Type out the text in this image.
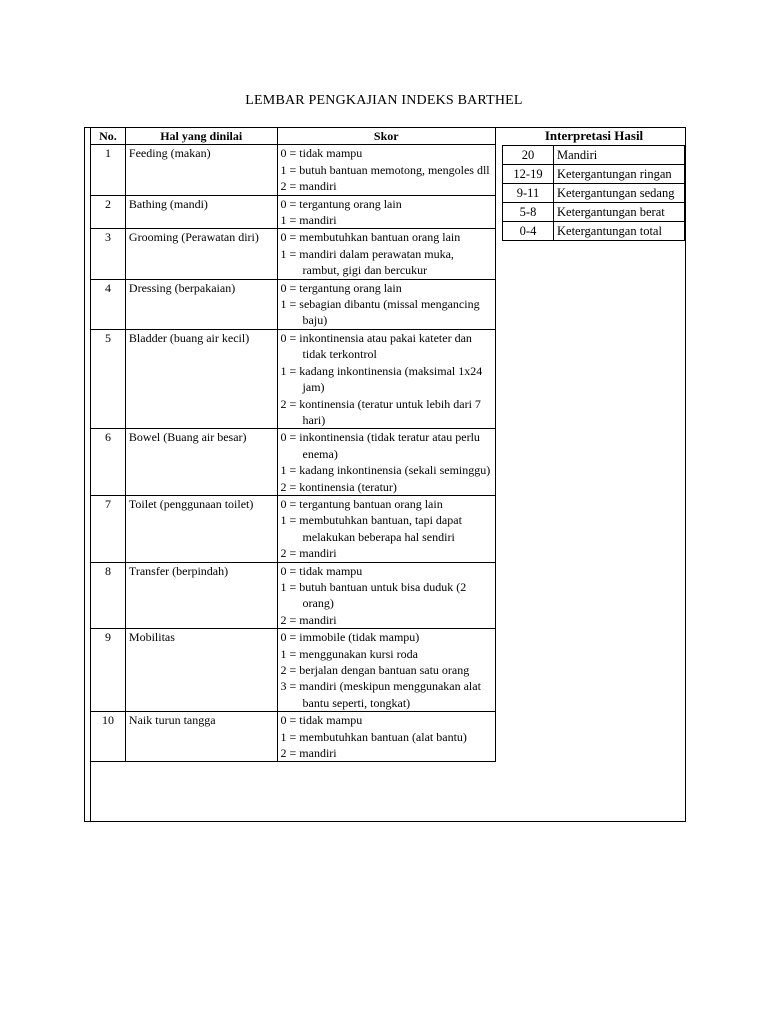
LEMBAR PENGKAJIAN INDEKS BARTHEL
No.	Hal yang dinilai	Skor
1	Feeding (makan)	0 = tidak mampu
1 = butuh bantuan memotong, mengoles dll
2 = mandiri

2	Bathing (mandi)	0 = tergantung orang lain
1 = mandiri

3	Grooming (Perawatan diri)	0 = membutuhkan bantuan orang lain
1 = mandiri dalam perawatan muka, rambut, gigi dan bercukur

4	Dressing (berpakaian)	0 = tergantung orang lain
1 = sebagian dibantu (missal mengancing baju)

5	Bladder (buang air kecil)	0 = inkontinensia atau pakai kateter dan tidak terkontrol
1 = kadang inkontinensia (maksimal 1x24 jam)
2 = kontinensia (teratur untuk lebih dari 7 hari)

6	Bowel (Buang air besar)	0 = inkontinensia (tidak teratur atau perlu enema)
1 = kadang inkontinensia (sekali seminggu)
2 = kontinensia (teratur)

7	Toilet (penggunaan toilet)	0 = tergantung bantuan orang lain
1 = membutuhkan bantuan, tapi dapat melakukan beberapa hal sendiri
2 = mandiri

8	Transfer (berpindah)	0 = tidak mampu
1 = butuh bantuan untuk bisa duduk (2 orang)
2 = mandiri

9	Mobilitas	0 = immobile (tidak mampu)
1 = menggunakan kursi roda
2 = berjalan dengan bantuan satu orang
3 = mandiri (meskipun menggunakan alat bantu seperti, tongkat)

10	Naik turun tangga	0 = tidak mampu
1 = membutuhkan bantuan (alat bantu)
2 = mandiri
Interpretasi Hasil
20	Mandiri
12-19	Ketergantungan ringan
9-11	Ketergantungan sedang
5-8	Ketergantungan berat
0-4	Ketergantungan total
